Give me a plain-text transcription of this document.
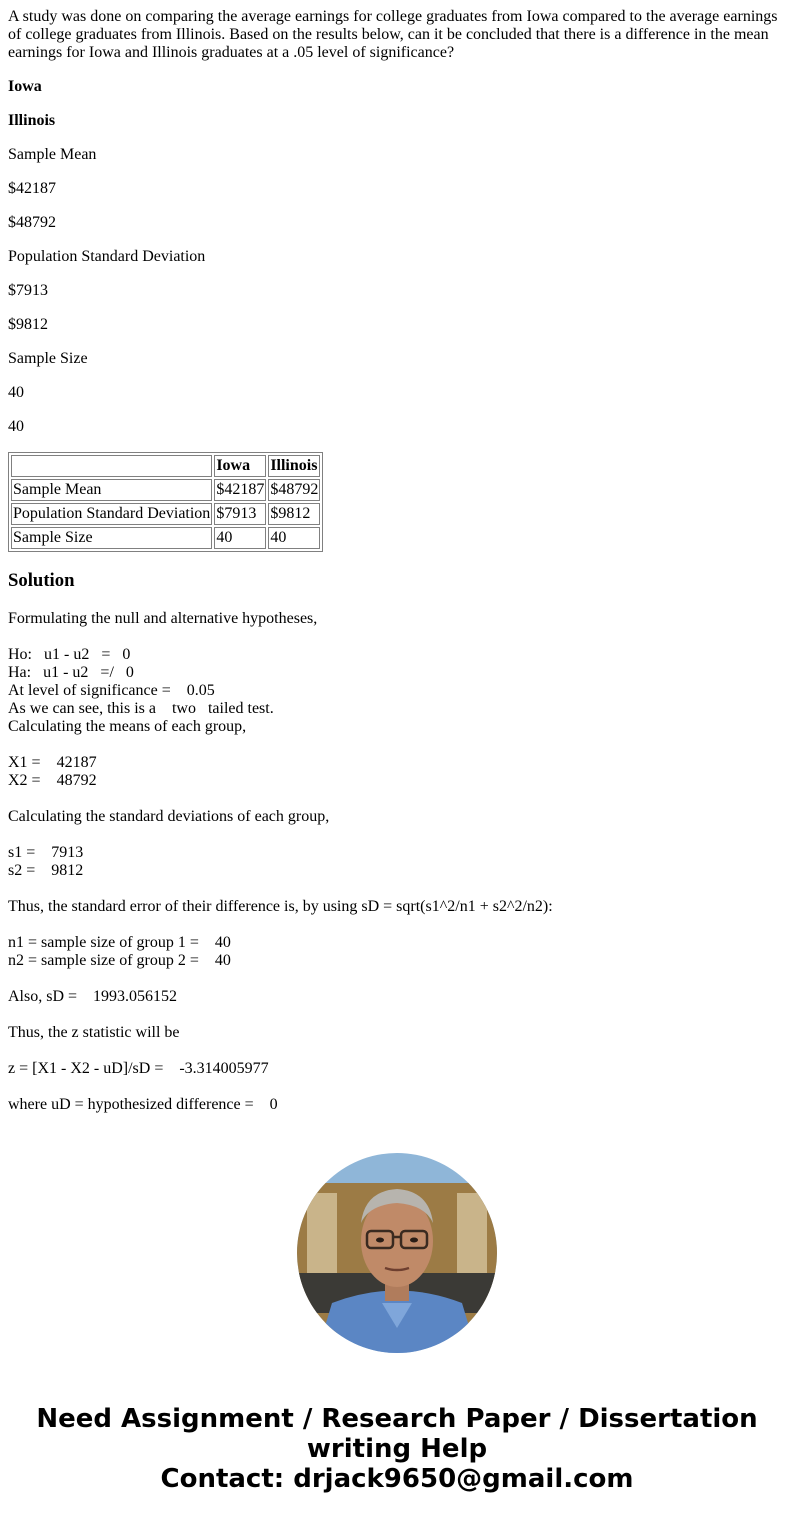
A study was done on comparing the average earnings for college graduates from Iowa compared to the average earnings of college graduates from Illinois. Based on the results below, can it be concluded that there is a difference in the mean earnings for Iowa and Illinois graduates at a .05 level of significance?

Iowa

Illinois

Sample Mean

$42187

$48792

Population Standard Deviation

$7913

$9812

Sample Size

40

40

	Iowa	Illinois
Sample Mean	$42187	$48792
Population Standard Deviation	$7913	$9812
Sample Size	40	40
Solution
Formulating the null and alternative hypotheses,
Ho:   u1 - u2   =   0
Ha:   u1 - u2   =/   0
At level of significance =    0.05
As we can see, this is a    two   tailed test.
Calculating the means of each group,
X1 =    42187
X2 =    48792
Calculating the standard deviations of each group,
s1 =    7913
s2 =    9812
Thus, the standard error of their difference is, by using sD = sqrt(s1^2/n1 + s2^2/n2):
n1 = sample size of group 1 =    40
n2 = sample size of group 2 =    40
Also, sD =    1993.056152
Thus, the z statistic will be
z = [X1 - X2 - uD]/sD =    -3.314005977
where uD = hypothesized difference =    0
Need Assignment / Research Paper / Dissertation
writing Help
Contact: drjack9650@gmail.com
